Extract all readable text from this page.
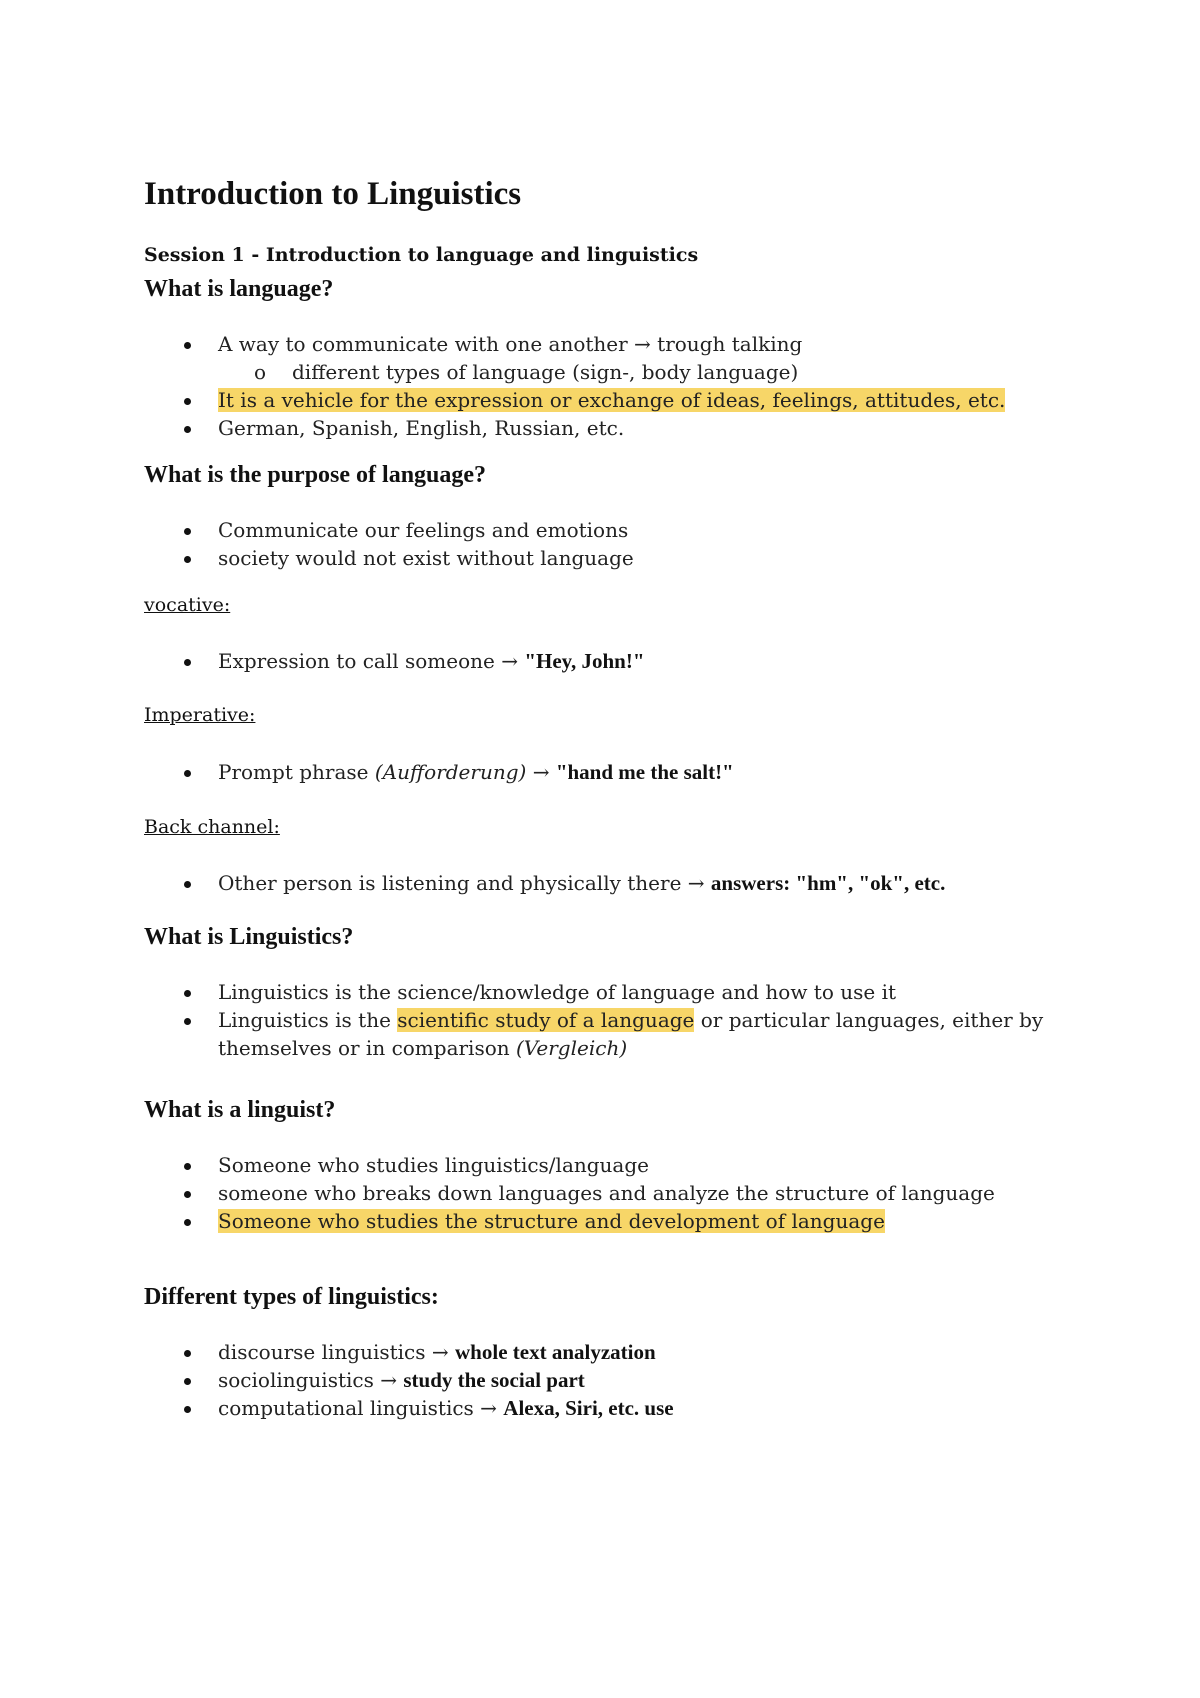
Introduction to Linguistics

Session 1 - Introduction to language and linguistics

What is language?
A way to communicate with one another → trough talking
o different types of language (sign-, body language)
It is a vehicle for the expression or exchange of ideas, feelings, attitudes, etc.
German, Spanish, English, Russian, etc.
What is the purpose of language?
Communicate our feelings and emotions
society would not exist without language

vocative:

Expression to call someone → "Hey, John!"

Imperative:

Prompt phrase (Aufforderung) → "hand me the salt!"

Back channel:

Other person is listening and physically there → answers: "hm", "ok", etc.
What is Linguistics?
Linguistics is the science/knowledge of language and how to use it
Linguistics is the scientific study of a language or particular languages, either by
themselves or in comparison (Vergleich)
What is a linguist?
Someone who studies linguistics/language
someone who breaks down languages and analyze the structure of language
Someone who studies the structure and development of language
Different types of linguistics:
discourse linguistics → whole text analyzation
sociolinguistics → study the social part
computational linguistics → Alexa, Siri, etc. use
